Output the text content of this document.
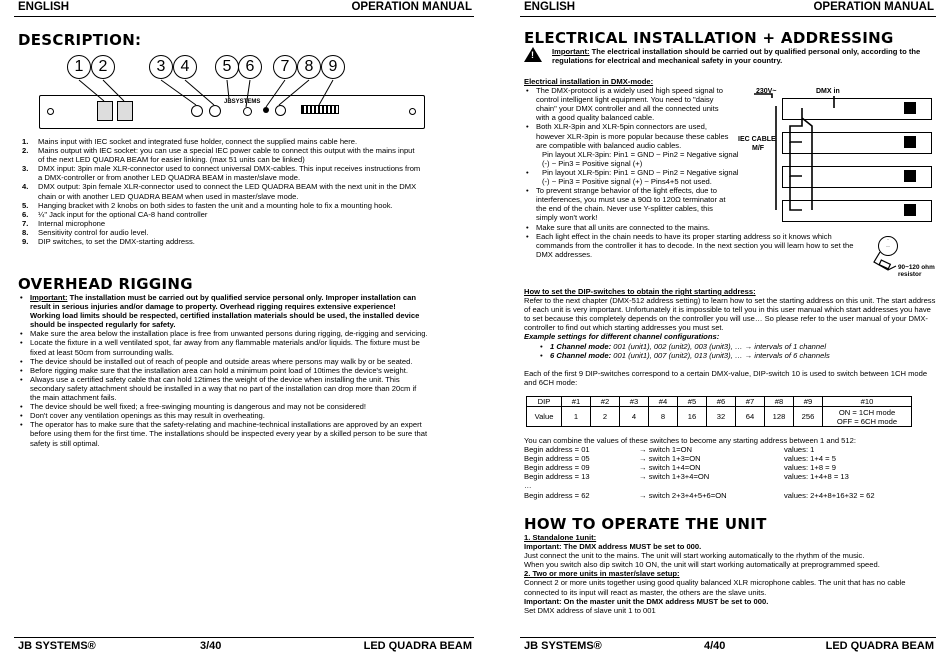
ENGLISH	OPERATION MANUAL
DESCRIPTION:
JBSYSTEMS
1 2	3 4	5 6	7 8 9
1. Mains input with IEC socket and integrated fuse holder, connect the supplied mains cable here.
2. Mains output with IEC socket: you can use a special IEC power cable to connect this output with the mains input of the next LED QUADRA BEAM for easier linking. (max 51 units can be linked)
3. DMX input: 3pin male XLR-connector used to connect universal DMX-cables. This input receives instructions from a DMX-controller or from another LED QUADRA BEAM in master/slave mode.
4. DMX output: 3pin female XLR-connector used to connect the LED QUADRA BEAM with the next unit in the DMX chain or with another LED QUADRA BEAM when used in master/slave mode.
5. Hanging bracket with 2 knobs on both sides to fasten the unit and a mounting hole to fix a mounting hook.
6. ¼" Jack input for the optional CA-8 hand controller
7. Internal microphone
8. Sensitivity control for audio level.
9. DIP switches, to set the DMX-starting address.
OVERHEAD RIGGING
• Important: The installation must be carried out by qualified service personal only. Improper installation can result in serious injuries and/or damage to property. Overhead rigging requires extensive experience! Working load limits should be respected, certified installation materials should be used, the installed device should be inspected regularly for safety.
• Make sure the area below the installation place is free from unwanted persons during rigging, de-rigging and servicing.
• Locate the fixture in a well ventilated spot, far away from any flammable materials and/or liquids. The fixture must be fixed at least 50cm from surrounding walls.
• The device should be installed out of reach of people and outside areas where persons may walk by or be seated.
• Before rigging make sure that the installation area can hold a minimum point load of 10times the device's weight.
• Always use a certified safety cable that can hold 12times the weight of the device when installing the unit. This secondary safety attachment should be installed in a way that no part of the installation can drop more than 20cm if the main attachment fails.
• The device should be well fixed; a free-swinging mounting is dangerous and may not be considered!
• Don't cover any ventilation openings as this may result in overheating.
• The operator has to make sure that the safety-relating and machine-technical installations are approved by an expert before using them for the first time. The installations should be inspected every year by a skilled person to be sure that safety is still optimal.
JB SYSTEMS®	3/40	LED QUADRA BEAM
ENGLISH	OPERATION MANUAL
ELECTRICAL INSTALLATION + ADDRESSING
! Important: The electrical installation should be carried out by qualified personal only, according to the regulations for electrical and mechanical safety in your country.

Electrical installation in DMX-mode:

• The DMX-protocol is a widely used high speed signal to control intelligent light equipment. You need to "daisy chain" your DMX controller and all the connected units with a good quality balanced cable.
• Both XLR-3pin and XLR-5pin connectors are used, however XLR-3pin is more popular because these cables are compatible with balanced audio cables.
Pin layout XLR-3pin: Pin1 = GND ~ Pin2 = Negative signal (-) ~ Pin3 = Positive signal (+)
• Pin layout XLR-5pin: Pin1 = GND ~ Pin2 = Negative signal (-) ~ Pin3 = Positive signal (+) ~ Pins4+5 not used.
• To prevent strange behavior of the light effects, due to interferences, you must use a 90Ω to 120Ω terminator at the end of the chain. Never use Y-splitter cables, this simply won't work!
• Make sure that all units are connected to the mains.
• Each light effect in the chain needs to have its proper starting address so it knows which commands from the controller it has to decode. In the next section you will learn how to set the DMX addresses.
230V~	DMX in
IEC CABLE
M/F
·
··
90~120 ohm resistor

How to set the DIP-switches to obtain the right starting address:

Refer to the next chapter (DMX-512 address setting) to learn how to set the starting address on this unit. The start address of each unit is very important. Unfortunately it is impossible to tell you in this user manual which start addresses you have to set because this completely depends on the controller you will use… So please refer to the user manual of your DMX-controller to find out which starting addresses you must set.

Example settings for different channel configurations:

• 1 Channel mode: 001 (unit1), 002 (unit2), 003 (unit3), … → intervals of 1 channel
• 6 Channel mode: 001 (unit1), 007 (unit2), 013 (unit3), … → intervals of 6 channels

Each of the first 9 DIP-switches correspond to a certain DMX-value, DIP-switch 10 is used to switch between 1CH mode and 6CH mode:

DIP	#1	#2	#3	#4	#5	#6	#7	#8	#9	#10
Value	1	2	4	8	16	32	64	128	256	ON = 1CH mode
OFF = 6CH mode

You can combine the values of these switches to become any starting address between 1 and 512:

Begin address = 01	→ switch 1=ON	values: 1
Begin address = 05	→ switch 1+3=ON	values: 1+4 = 5
Begin address = 09	→ switch 1+4=ON	values: 1+8 = 9
Begin address = 13	→ switch 1+3+4=ON	values: 1+4+8 = 13
…
Begin address = 62	→ switch 2+3+4+5+6=ON	values: 2+4+8+16+32 = 62
HOW TO OPERATE THE UNIT

1. Standalone 1unit:

Important: The DMX address MUST be set to 000.

Just connect the unit to the mains. The unit will start working automatically to the rhythm of the music.

When you switch also dip switch 10 ON, the unit will start working automatically at preprogrammed speed.

2. Two or more units in master/slave setup:

Connect 2 or more units together using good quality balanced XLR microphone cables. The unit that has no cable connected to its input will react as master, the others are the slave units.

Important: On the master unit the DMX address MUST be set to 000.

Set DMX address of slave unit 1 to 001

JB SYSTEMS®	4/40	LED QUADRA BEAM
